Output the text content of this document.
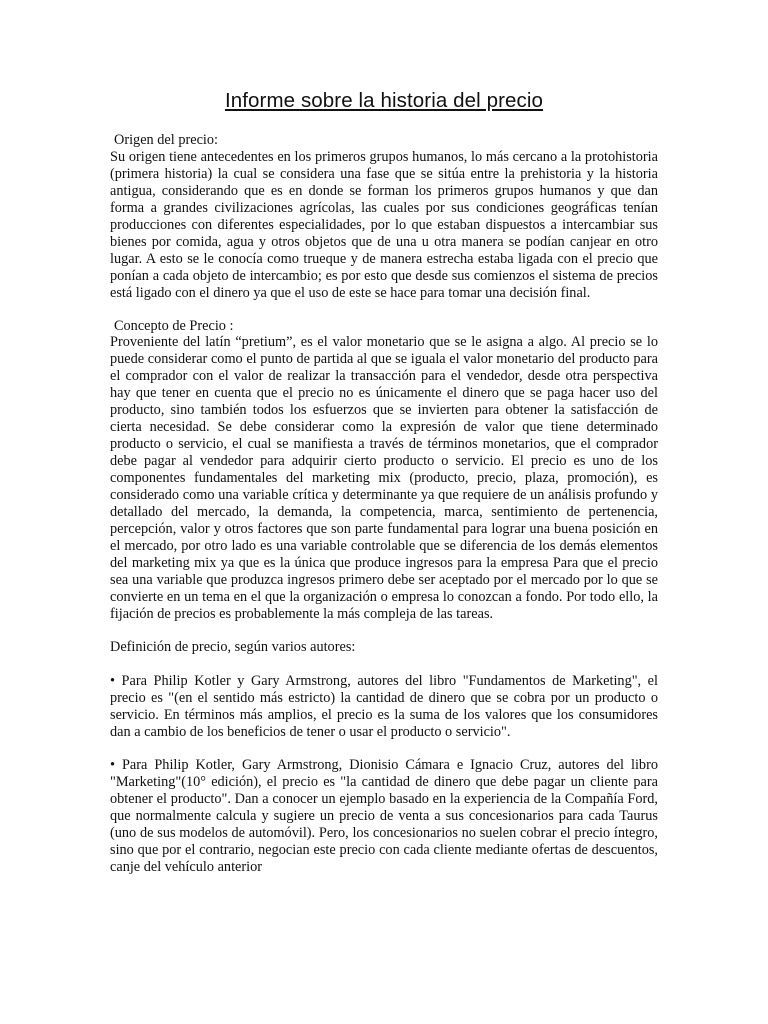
Informe sobre la historia del precio

Origen del precio:

Su origen tiene antecedentes en los primeros grupos humanos, lo más cercano a la protohistoria (primera historia) la cual se considera una fase que se sitúa entre la prehistoria y la historia antigua, considerando que es en donde se forman los primeros grupos humanos y que dan forma a grandes civilizaciones agrícolas, las cuales por sus condiciones geográficas tenían producciones con diferentes especialidades, por lo que estaban dispuestos a intercambiar sus bienes por comida, agua y otros objetos que de una u otra manera se podían canjear en otro lugar. A esto se le conocía como trueque y de manera estrecha estaba ligada con el precio que ponían a cada objeto de intercambio; es por esto que desde sus comienzos el sistema de precios está ligado con el dinero ya que el uso de este se hace para tomar una decisión final.

Concepto de Precio :

Proveniente del latín “pretium”, es el valor monetario que se le asigna a algo. Al precio se lo puede considerar como el punto de partida al que se iguala el valor monetario del producto para el comprador con el valor de realizar la transacción para el vendedor, desde otra perspectiva hay que tener en cuenta que el precio no es únicamente el dinero que se paga hacer uso del producto, sino también todos los esfuerzos que se invierten para obtener la satisfacción de cierta necesidad. Se debe considerar como la expresión de valor que tiene determinado producto o servicio, el cual se manifiesta a través de términos monetarios, que el comprador debe pagar al vendedor para adquirir cierto producto o servicio. El precio es uno de los componentes fundamentales del marketing mix (producto, precio, plaza, promoción), es considerado como una variable crítica y determinante ya que requiere de un análisis profundo y detallado del mercado, la demanda, la competencia, marca, sentimiento de pertenencia, percepción, valor y otros factores que son parte fundamental para lograr una buena posición en el mercado, por otro lado es una variable controlable que se diferencia de los demás elementos del marketing mix ya que es la única que produce ingresos para la empresa Para que el precio sea una variable que produzca ingresos primero debe ser aceptado por el mercado por lo que se convierte en un tema en el que la organización o empresa lo conozcan a fondo. Por todo ello, la fijación de precios es probablemente la más compleja de las tareas.

Definición de precio, según varios autores:

• Para Philip Kotler y Gary Armstrong, autores del libro "Fundamentos de Marketing", el precio es "(en el sentido más estricto) la cantidad de dinero que se cobra por un producto o servicio. En términos más amplios, el precio es la suma de los valores que los consumidores dan a cambio de los beneficios de tener o usar el producto o servicio".

• Para Philip Kotler, Gary Armstrong, Dionisio Cámara e Ignacio Cruz, autores del libro "Marketing"(10° edición), el precio es "la cantidad de dinero que debe pagar un cliente para obtener el producto". Dan a conocer un ejemplo basado en la experiencia de la Compañía Ford, que normalmente calcula y sugiere un precio de venta a sus concesionarios para cada Taurus (uno de sus modelos de automóvil). Pero, los concesionarios no suelen cobrar el precio íntegro, sino que por el contrario, negocian este precio con cada cliente mediante ofertas de descuentos, canje del vehículo anterior
